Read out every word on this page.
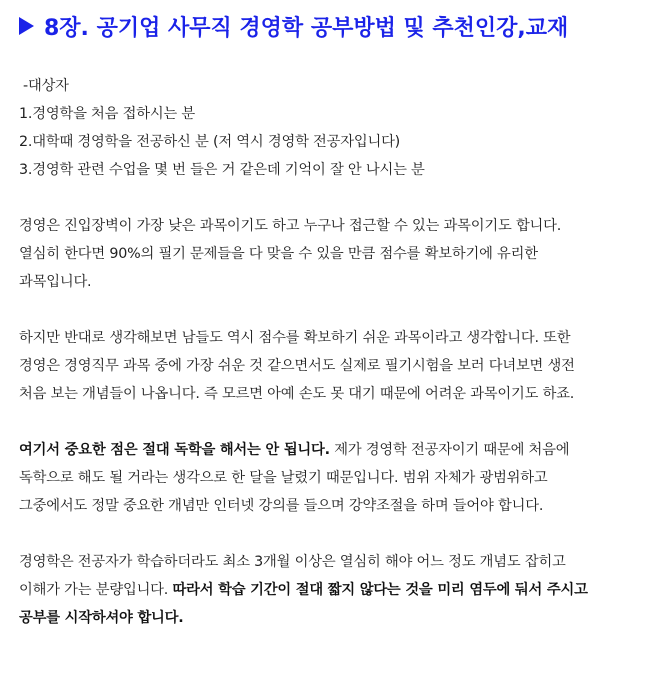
8장. 공기업 사무직 경영학 공부방법 및 추천인강,교재
-대상자
1.경영학을 처음 접하시는 분
2.대학때 경영학을 전공하신 분 (저 역시 경영학 전공자입니다)
3.경영학 관련 수업을 몇 번 들은 거 같은데 기억이 잘 안 나시는 분
경영은 진입장벽이 가장 낮은 과목이기도 하고 누구나 접근할 수 있는 과목이기도 합니다.
열심히 한다면 90%의 필기 문제들을 다 맞을 수 있을 만큼 점수를 확보하기에 유리한
과목입니다.
하지만 반대로 생각해보면 남들도 역시 점수를 확보하기 쉬운 과목이라고 생각합니다. 또한
경영은 경영직무 과목 중에 가장 쉬운 것 같으면서도 실제로 필기시험을 보러 다녀보면 생전
처음 보는 개념들이 나옵니다. 즉 모르면 아예 손도 못 대기 때문에 어려운 과목이기도 하죠.
여기서 중요한 점은 절대 독학을 해서는 안 됩니다. 제가 경영학 전공자이기 때문에 처음에
독학으로 해도 될 거라는 생각으로 한 달을 날렸기 때문입니다. 범위 자체가 광범위하고
그중에서도 정말 중요한 개념만 인터넷 강의를 들으며 강약조절을 하며 들어야 합니다.
경영학은 전공자가 학습하더라도 최소 3개월 이상은 열심히 해야 어느 정도 개념도 잡히고
이해가 가는 분량입니다. 따라서 학습 기간이 절대 짧지 않다는 것을 미리 염두에 둬서 주시고
공부를 시작하셔야 합니다.
